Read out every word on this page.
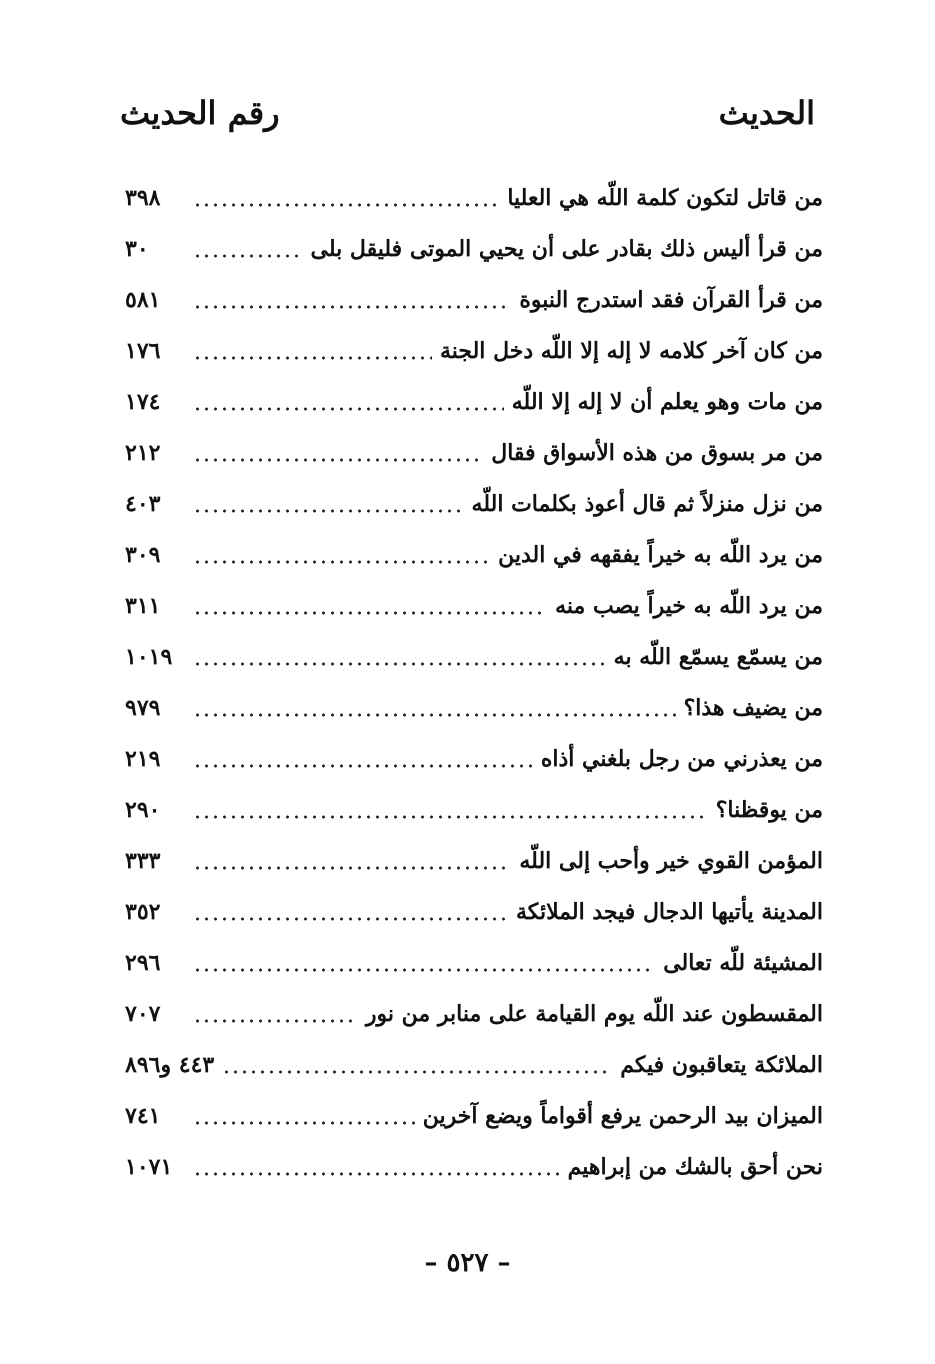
الحديث
رقم الحديث
من قاتل لتكون كلمة اللّه هي العليا
٣٩٨
من قرأ أليس ذلك بقادر على أن يحيي الموتى فليقل بلى
٣٠
من قرأ القرآن فقد استدرج النبوة
٥٨١
من كان آخر كلامه لا إله إلا اللّه دخل الجنة
١٧٦
من مات وهو يعلم أن لا إله إلا اللّه
١٧٤
من مر بسوق من هذه الأسواق فقال
٢١٢
من نزل منزلاً ثم قال أعوذ بكلمات اللّه
٤٠٣
من يرد اللّه به خيراً يفقهه في الدين
٣٠٩
من يرد اللّه به خيراً يصب منه
٣١١
من يسمّع يسمّع اللّه به
١٠١٩
من يضيف هذا؟
٩٧٩
من يعذرني من رجل بلغني أذاه
٢١٩
من يوقظنا؟
٢٩٠
المؤمن القوي خير وأحب إلى اللّه
٣٣٣
المدينة يأتيها الدجال فيجد الملائكة
٣٥٢
المشيئة للّه تعالى
٢٩٦
المقسطون عند اللّه يوم القيامة على منابر من نور
٧٠٧
الملائكة يتعاقبون فيكم
٤٤٣ و٨٩٦
الميزان بيد الرحمن يرفع أقواماً ويضع آخرين
٧٤١
نحن أحق بالشك من إبراهيم
١٠٧١
– ٥٢٧ –
